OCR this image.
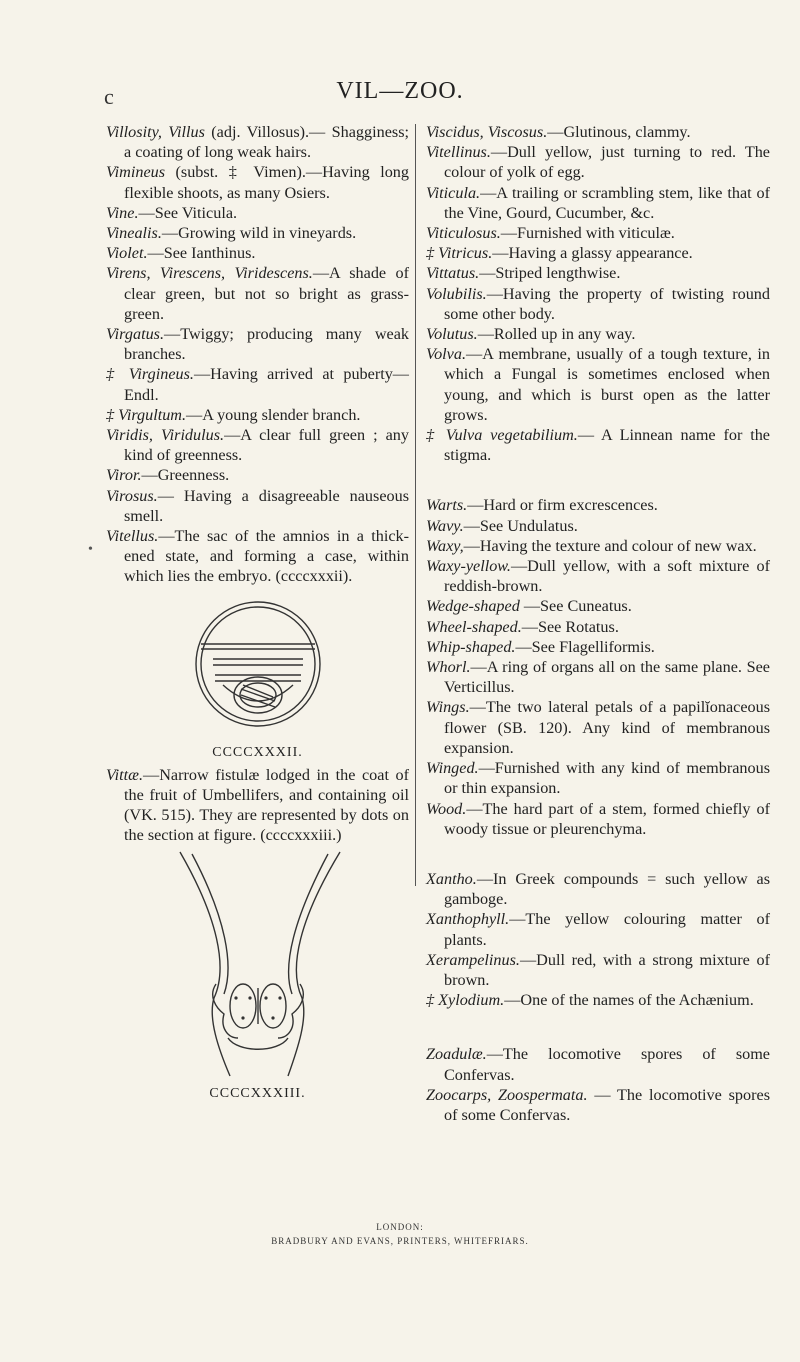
c	VIL—ZOO.
•

Villosity, Villus (adj. Villosus).— Shagginess; a coating of long weak hairs.

Vimineus (subst. ‡ Vimen).—Having long flexible shoots, as many Osiers.

Vine.—See Viticula.

Vinealis.—Growing wild in vineyards.

Violet.—See Ianthinus.

Virens, Virescens, Viridescens.—A shade of clear green, but not so bright as grass-green.

Virgatus.—Twiggy; producing many weak branches.

‡ Virgineus.—Having arrived at puberty—Endl.

‡ Virgultum.—A young slender branch.

Viridis, Viridulus.—A clear full green ; any kind of greenness.

Viror.—Greenness.

Virosus.— Having a disagreeable nauseous smell.

Vitellus.—The sac of the amnios in a thickened state, and forming a case, within which lies the embryo. (ccccxxxii).

CCCCXXXII.

Vittæ.—Narrow fistulæ lodged in the coat of the fruit of Umbellifers, and containing oil (VK. 515). They are represented by dots on the section at figure. (ccccxxxiii.)

CCCCXXXIII.

Viscidus, Viscosus.—Glutinous, clammy.

Vitellinus.—Dull yellow, just turning to red. The colour of yolk of egg.

Viticula.—A trailing or scrambling stem, like that of the Vine, Gourd, Cucumber, &c.

Viticulosus.—Furnished with viticulæ.

‡ Vitricus.—Having a glassy appearance.

Vittatus.—Striped lengthwise.

Volubilis.—Having the property of twisting round some other body.

Volutus.—Rolled up in any way.

Volva.—A membrane, usually of a tough texture, in which a Fungal is sometimes enclosed when young, and which is burst open as the latter grows.

‡ Vulva vegetabilium.— A Linnean name for the stigma.

Warts.—Hard or firm excrescences.

Wavy.—See Undulatus.

Waxy,—Having the texture and colour of new wax.

Waxy-yellow.—Dull yellow, with a soft mixture of reddish-brown.

Wedge-shaped —See Cuneatus.

Wheel-shaped.—See Rotatus.

Whip-shaped.—See Flagelliformis.

Whorl.—A ring of organs all on the same plane. See Verticillus.

Wings.—The two lateral petals of a papilĭonaceous flower (SB. 120). Any kind of membranous expansion.

Winged.—Furnished with any kind of membranous or thin expansion.

Wood.—The hard part of a stem, formed chiefly of woody tissue or pleurenchyma.

Xantho.—In Greek compounds = such yellow as gamboge.

Xanthophyll.—The yellow colouring matter of plants.

Xerampelinus.—Dull red, with a strong mixture of brown.

‡ Xylodium.—One of the names of the Achænium.

Zoadulæ.—The locomotive spores of some Confervas.

Zoocarps, Zoospermata. — The locomotive spores of some Confervas.

LONDON:
BRADBURY AND EVANS, PRINTERS, WHITEFRIARS.
